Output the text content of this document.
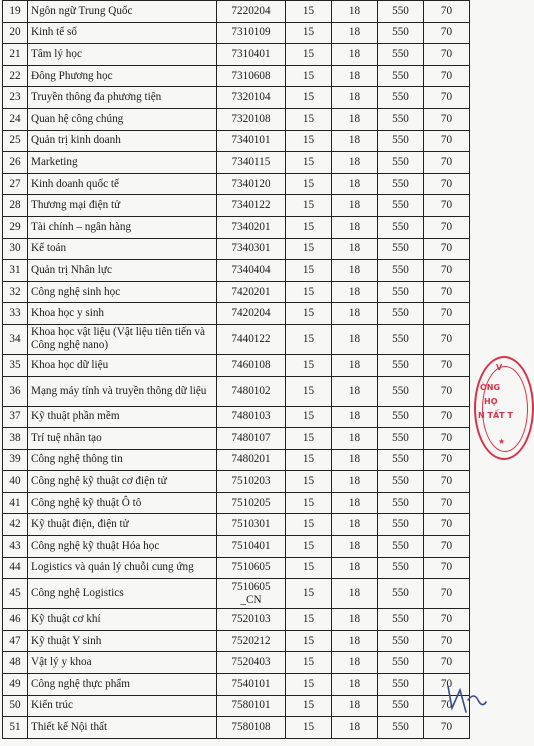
19	Ngôn ngữ Trung Quốc	7220204	15	18	550	70
20	Kinh tế số	7310109	15	18	550	70
21	Tâm lý học	7310401	15	18	550	70
22	Đông Phương học	7310608	15	18	550	70
23	Truyền thông đa phương tiện	7320104	15	18	550	70
24	Quan hệ công chúng	7320108	15	18	550	70
25	Quản trị kinh doanh	7340101	15	18	550	70
26	Marketing	7340115	15	18	550	70
27	Kinh doanh quốc tế	7340120	15	18	550	70
28	Thương mại điện tử	7340122	15	18	550	70
29	Tài chính – ngân hàng	7340201	15	18	550	70
30	Kế toán	7340301	15	18	550	70
31	Quản trị Nhân lực	7340404	15	18	550	70
32	Công nghệ sinh học	7420201	15	18	550	70
33	Khoa học y sinh	7420204	15	18	550	70
34	Khoa học vật liệu (Vật liệu tiên tiến và Công nghệ nano)	7440122	15	18	550	70
35	Khoa học dữ liệu	7460108	15	18	550	70
36	Mạng máy tính và truyền thông dữ liệu	7480102	15	18	550	70
37	Kỹ thuật phần mềm	7480103	15	18	550	70
38	Trí tuệ nhân tạo	7480107	15	18	550	70
39	Công nghệ thông tin	7480201	15	18	550	70
40	Công nghệ kỹ thuật cơ điện tử	7510203	15	18	550	70
41	Công nghệ kỹ thuật Ô tô	7510205	15	18	550	70
42	Kỹ thuật điện, điện tử	7510301	15	18	550	70
43	Công nghệ kỹ thuật Hóa học	7510401	15	18	550	70
44	Logistics và quản lý chuỗi cung ứng	7510605	15	18	550	70
45	Công nghệ Logistics	7510605 _CN	15	18	550	70
46	Kỹ thuật cơ khí	7520103	15	18	550	70
47	Kỹ thuật Y sinh	7520212	15	18	550	70
48	Vật lý y khoa	7520403	15	18	550	70
49	Công nghệ thực phẩm	7540101	15	18	550	70
50	Kiến trúc	7580101	15	18	550	70
51	Thiết kế Nội thất	7580108	15	18	550	70
V
ÒNG
HỌ
N TẤT T
★
